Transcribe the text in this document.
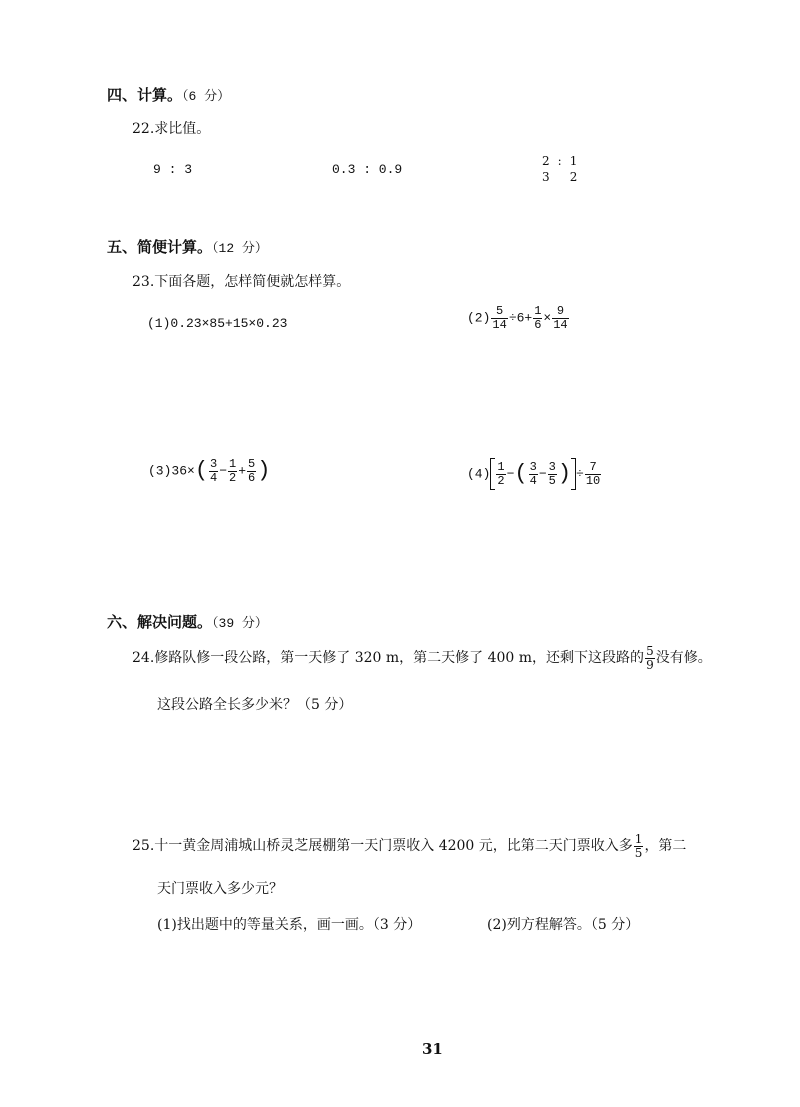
四、计算。（6 分）
22.求比值。
9 : 3	0.3 : 0.9
2 : 1
3 2
五、简便计算。（12 分）
23.下面各题，怎样简便就怎样算。
(1)0.23×85+15×0.23	$(2) \frac{5}{14} \div 6+ \frac{1}{6} \times \frac{9}{14}$
$(3)36\times( \frac{3}{4} - \frac{1}{2} + \frac{5}{6}$ )	$(4) \frac{1}{2}$ −( $\frac{3}{4} - \frac{3}{5}$ ) ÷ $\frac{7}{10}$
六、解决问题。（39 分）
24.修路队修一段公路，第一天修了 320 m，第二天修了 400 m，还剩下这段路的 $\frac{5}{9}$ 没有修。
这段公路全长多少米？（5 分）
25.十一黄金周浦城山桥灵芝展棚第一天门票收入 4200 元，比第二天门票收入多 $\frac{1}{5}$ ，第二
天门票收入多少元？
(1)找出题中的等量关系，画一画。（3 分）	(2)列方程解答。（5 分）
31
